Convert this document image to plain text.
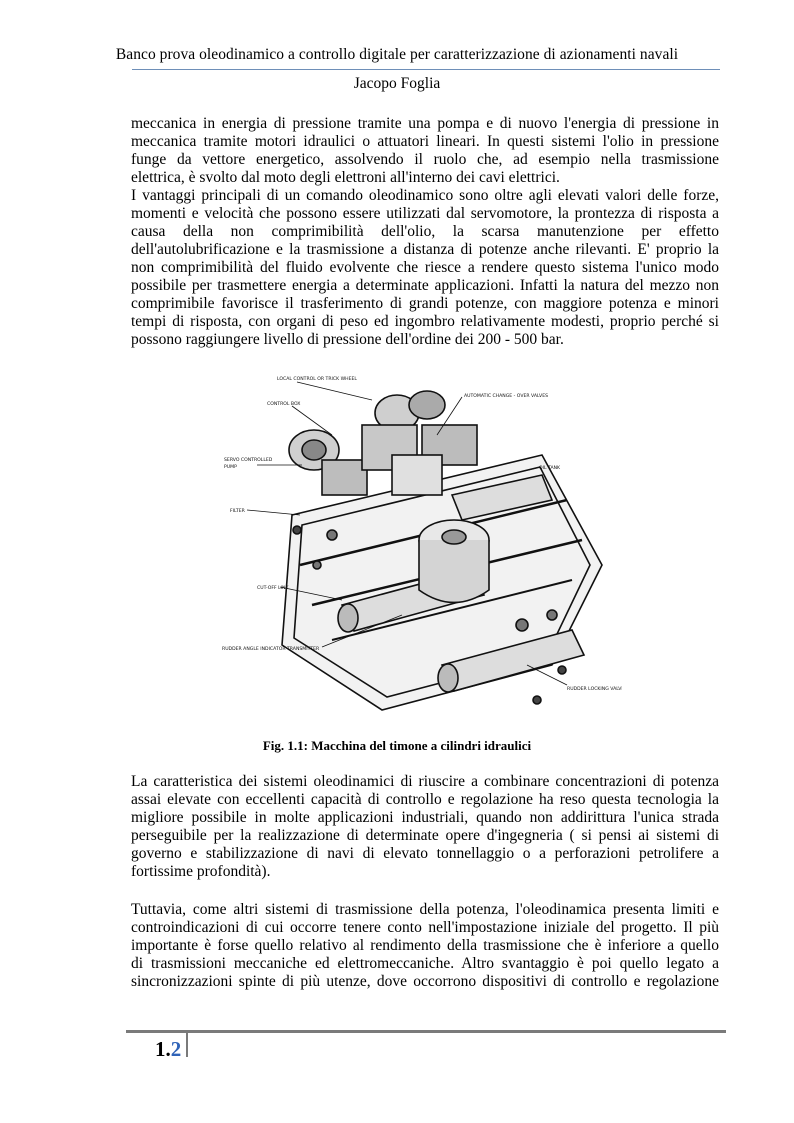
Banco prova oleodinamico a controllo digitale per caratterizzazione di azionamenti navali
Jacopo Foglia
meccanica in energia di pressione tramite una pompa e di nuovo l'energia di pressione in
meccanica tramite motori idraulici o attuatori lineari. In questi sistemi l'olio in pressione
funge da vettore energetico, assolvendo il ruolo che, ad esempio nella trasmissione
elettrica, è svolto dal moto degli elettroni all'interno dei cavi elettrici.
I vantaggi principali di un comando oleodinamico sono oltre agli elevati valori delle forze,
momenti e velocità che possono essere utilizzati dal servomotore, la prontezza di risposta a
causa della non comprimibilità dell'olio, la scarsa manutenzione per effetto
dell'autolubrificazione e la trasmissione a distanza di potenze anche rilevanti. E' proprio la
non comprimibilità del fluido evolvente che riesce a rendere questo sistema l'unico modo
possibile per trasmettere energia a determinate applicazioni. Infatti la natura del mezzo non
comprimibile favorisce il trasferimento di grandi potenze, con maggiore potenza e minori
tempi di risposta, con organi di peso ed ingombro relativamente modesti, proprio perché si
possono raggiungere livello di pressione dell'ordine dei 200 - 500 bar.
LOCAL CONTROL OR TRICK WHEEL
CONTROL BOX
AUTOMATIC CHANGE - OVER VALVES
SERVO CONTROLLED
PUMP	OIL TANK
FILTER
CUT-OFF LINK
RUDDER ANGLE INDICATOR TRANSMITTER
RUDDER LOCKING VALVES
Fig. 1.1: Macchina del timone a cilindri idraulici
La caratteristica dei sistemi oleodinamici di riuscire a combinare concentrazioni di potenza
assai elevate con eccellenti capacità di controllo e regolazione ha reso questa tecnologia la
migliore possibile in molte applicazioni industriali, quando non addirittura l'unica strada
perseguibile per la realizzazione di determinate opere d'ingegneria ( si pensi ai sistemi di
governo e stabilizzazione di navi di elevato tonnellaggio o a perforazioni petrolifere a
fortissime profondità).
Tuttavia, come altri sistemi di trasmissione della potenza, l'oleodinamica presenta limiti e
controindicazioni di cui occorre tenere conto nell'impostazione iniziale del progetto. Il più
importante è forse quello relativo al rendimento della trasmissione che è inferiore a quello
di trasmissioni meccaniche ed elettromeccaniche. Altro svantaggio è poi quello legato a
sincronizzazioni spinte di più utenze, dove occorrono dispositivi di controllo e regolazione
1.2
